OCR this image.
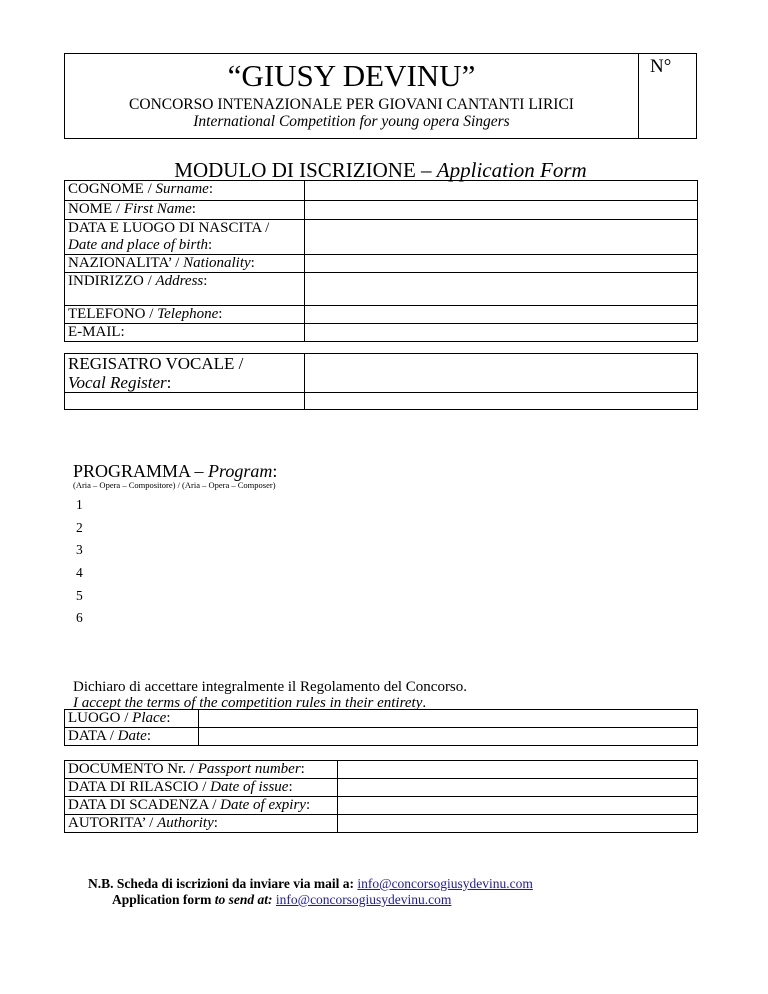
“GIUSY DEVINU”
CONCORSO INTENAZIONALE PER GIOVANI CANTANTI LIRICI
International Competition for young opera Singers
N°
MODULO DI ISCRIZIONE – Application Form
COGNOME / Surname:	
NOME / First Name:	
DATA E LUOGO DI NASCITA /
Date and place of birth:	
NAZIONALITA’ / Nationality:	
INDIRIZZO / Address:	
TELEFONO / Telephone:	
E-MAIL:	
REGISATRO VOCALE /
Vocal Register:	

PROGRAMMA – Program:
(Aria – Opera – Compositore) / (Aria – Opera – Composer)
1
2
3
4
5
6
Dichiaro di accettare integralmente il Regolamento del Concorso.
I accept the terms of the competition rules in their entirety.
LUOGO / Place:	
DATA / Date:	
DOCUMENTO Nr. / Passport number:	
DATA DI RILASCIO / Date of issue:	
DATA DI SCADENZA / Date of expiry:	
AUTORITA’ / Authority:	
N.B. Scheda di iscrizioni da inviare via mail a: info@concorsogiusydevinu.com
Application form to send at: info@concorsogiusydevinu.com
